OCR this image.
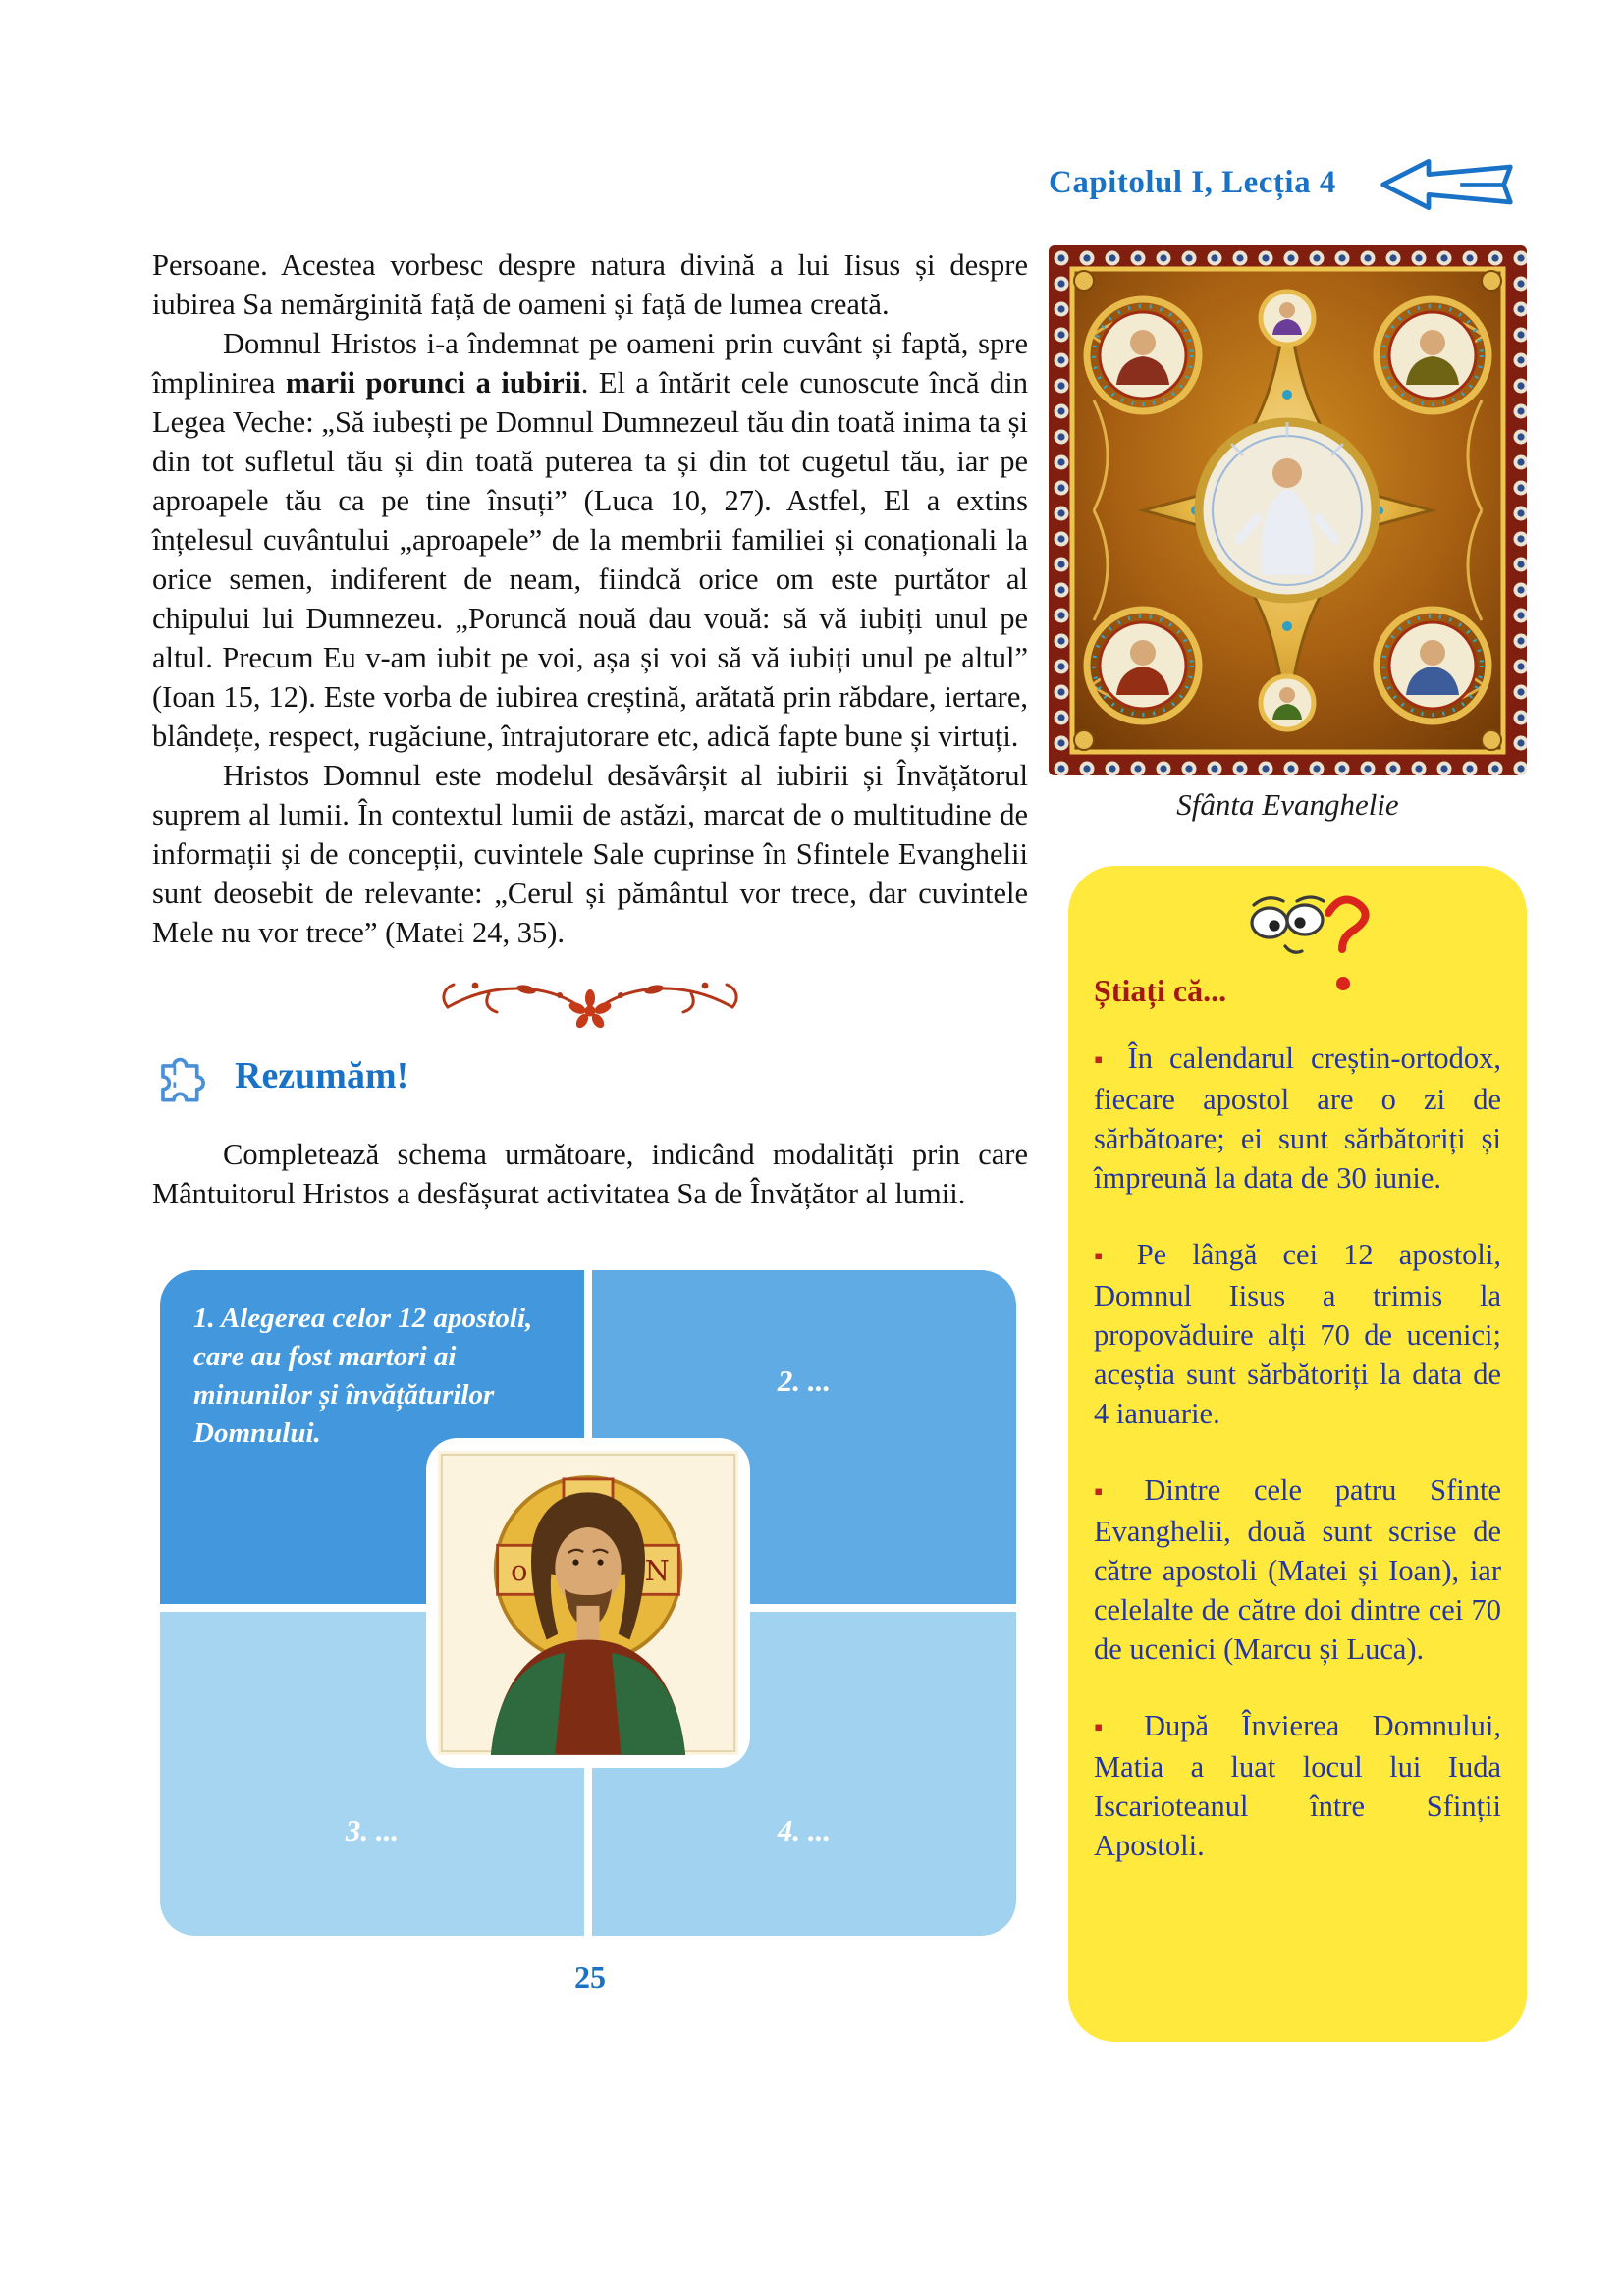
Capitolul I, Lecția 4

Persoane. Acestea vorbesc despre natura divină a lui Iisus și despre iubirea Sa nemărginită față de oameni și față de lumea creată.

Domnul Hristos i-a îndemnat pe oameni prin cuvânt și faptă, spre împlinirea marii porunci a iubirii. El a întărit cele cunoscute încă din Legea Veche: „Să iubești pe Domnul Dumnezeul tău din toată inima ta și din tot sufletul tău și din toată puterea ta și din tot cugetul tău, iar pe aproapele tău ca pe tine însuți” (Luca 10, 27). Astfel, El a extins înțelesul cuvântului „aproapele” de la membrii familiei și conaționali la orice semen, indiferent de neam, fiindcă orice om este purtător al chipului lui Dumnezeu. „Poruncă nouă dau vouă: să vă iubiți unul pe altul. Precum Eu v-am iubit pe voi, așa și voi să vă iubiți unul pe altul” (Ioan 15, 12). Este vorba de iubirea creștină, arătată prin răbdare, iertare, blândețe, respect, rugăciune, întrajutorare etc, adică fapte bune și virtuți.

Hristos Domnul este modelul desăvârșit al iubirii și Învățătorul suprem al lumii. În contextul lumii de astăzi, marcat de o multitudine de informații și de concepții, cuvintele Sale cuprinse în Sfintele Evanghelii sunt deosebit de relevante: „Cerul și pământul vor trece, dar cuvintele Mele nu vor trece” (Matei 24, 35).

Rezumăm!

Completează schema următoare, indicând modalități prin care Mântuitorul Hristos a desfășurat activitatea Sa de Învățător al lumii.

1. Alegerea celor 12 apostoli, care au fost martori ai minunilor și învățăturilor Domnului.

2. ...

3. ...	4. ...

o	N
25
Sfânta Evanghelie
Știați că...
▪ În calendarul creștin-ortodox, fiecare apostol are o zi de sărbătoare; ei sunt sărbătoriți și împreună la data de 30 iunie.
▪ Pe lângă cei 12 apostoli, Domnul Iisus a trimis la propovăduire alți 70 de ucenici; aceștia sunt sărbătoriți la data de 4 ianuarie.
▪ Dintre cele patru Sfinte Evanghelii, două sunt scrise de către apostoli (Matei și Ioan), iar celelalte de către doi dintre cei 70 de ucenici (Marcu și Luca).
▪ După Învierea Domnului, Matia a luat locul lui Iuda Iscarioteanul între Sfinții Apostoli.
